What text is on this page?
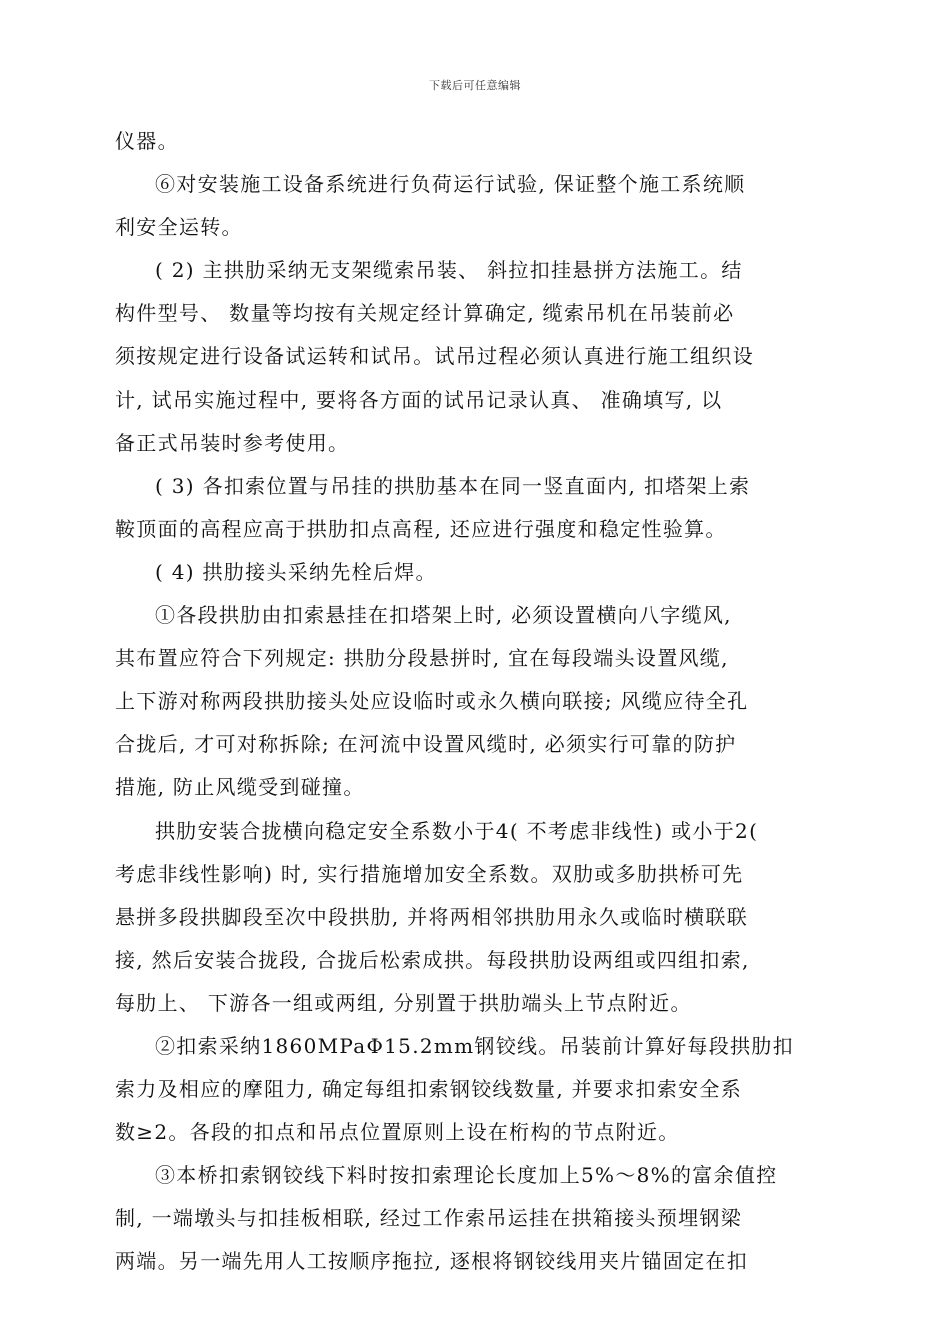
下载后可任意编辑

仪器。

⑥对安装施工设备系统进行负荷运行试验, 保证整个施工系统顺
利安全运转。

( 2) 主拱肋采纳无支架缆索吊装、 斜拉扣挂悬拼方法施工。结
构件型号、 数量等均按有关规定经计算确定, 缆索吊机在吊装前必
须按规定进行设备试运转和试吊。试吊过程必须认真进行施工组织设
计, 试吊实施过程中, 要将各方面的试吊记录认真、 准确填写, 以
备正式吊装时参考使用。

( 3) 各扣索位置与吊挂的拱肋基本在同一竖直面内, 扣塔架上索
鞍顶面的高程应高于拱肋扣点高程, 还应进行强度和稳定性验算。

( 4) 拱肋接头采纳先栓后焊。

①各段拱肋由扣索悬挂在扣塔架上时, 必须设置横向八字缆风,
其布置应符合下列规定: 拱肋分段悬拼时, 宜在每段端头设置风缆,
上下游对称两段拱肋接头处应设临时或永久横向联接; 风缆应待全孔
合拢后, 才可对称拆除; 在河流中设置风缆时, 必须实行可靠的防护
措施, 防止风缆受到碰撞。

拱肋安装合拢横向稳定安全系数小于4( 不考虑非线性) 或小于2(
考虑非线性影响) 时, 实行措施增加安全系数。双肋或多肋拱桥可先
悬拼多段拱脚段至次中段拱肋, 并将两相邻拱肋用永久或临时横联联
接, 然后安装合拢段, 合拢后松索成拱。每段拱肋设两组或四组扣索,
每肋上、 下游各一组或两组, 分别置于拱肋端头上节点附近。

②扣索采纳1860MPaΦ15.2mm钢铰线。吊装前计算好每段拱肋扣
索力及相应的摩阻力, 确定每组扣索钢铰线数量, 并要求扣索安全系
数≥2。各段的扣点和吊点位置原则上设在桁构的节点附近。

③本桥扣索钢铰线下料时按扣索理论长度加上5%～8%的富余值控
制, 一端墩头与扣挂板相联, 经过工作索吊运挂在拱箱接头预埋钢梁
两端。另一端先用人工按顺序拖拉, 逐根将钢铰线用夹片锚固定在扣
